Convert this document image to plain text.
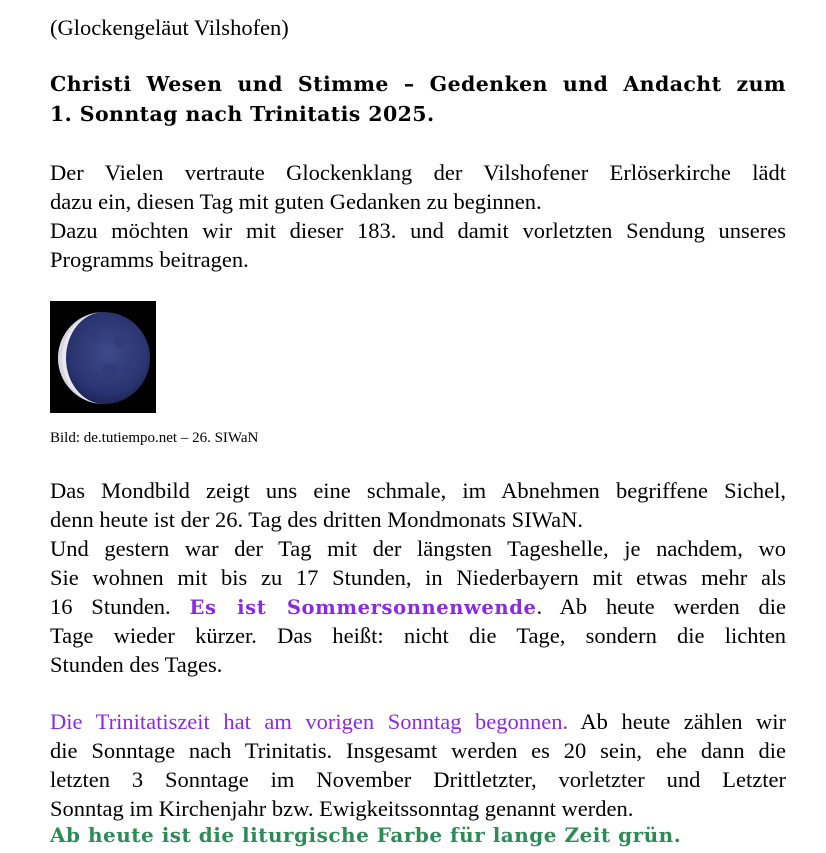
(Glockengeläut Vilshofen)
Christi Wesen und Stimme – Gedenken und Andacht zum
1. Sonntag nach Trinitatis 2025.
Der Vielen vertraute Glockenklang der Vilshofener Erlöserkirche lädt
dazu ein, diesen Tag mit guten Gedanken zu beginnen.
Dazu möchten wir mit dieser 183. und damit vorletzten Sendung unseres
Programms beitragen.
Bild: de.tutiempo.net – 26. SIWaN
Das Mondbild zeigt uns eine schmale, im Abnehmen begriffene Sichel,
denn heute ist der 26. Tag des dritten Mondmonats SIWaN.
Und gestern war der Tag mit der längsten Tageshelle, je nachdem, wo
Sie wohnen mit bis zu 17 Stunden, in Niederbayern mit etwas mehr als
16 Stunden. Es ist Sommersonnenwende. Ab heute werden die
Tage wieder kürzer. Das heißt: nicht die Tage, sondern die lichten
Stunden des Tages.
Die Trinitatiszeit hat am vorigen Sonntag begonnen. Ab heute zählen wir
die Sonntage nach Trinitatis. Insgesamt werden es 20 sein, ehe dann die
letzten 3 Sonntage im November Drittletzter, vorletzter und Letzter
Sonntag im Kirchenjahr bzw. Ewigkeitssonntag genannt werden.
Ab heute ist die liturgische Farbe für lange Zeit grün.
